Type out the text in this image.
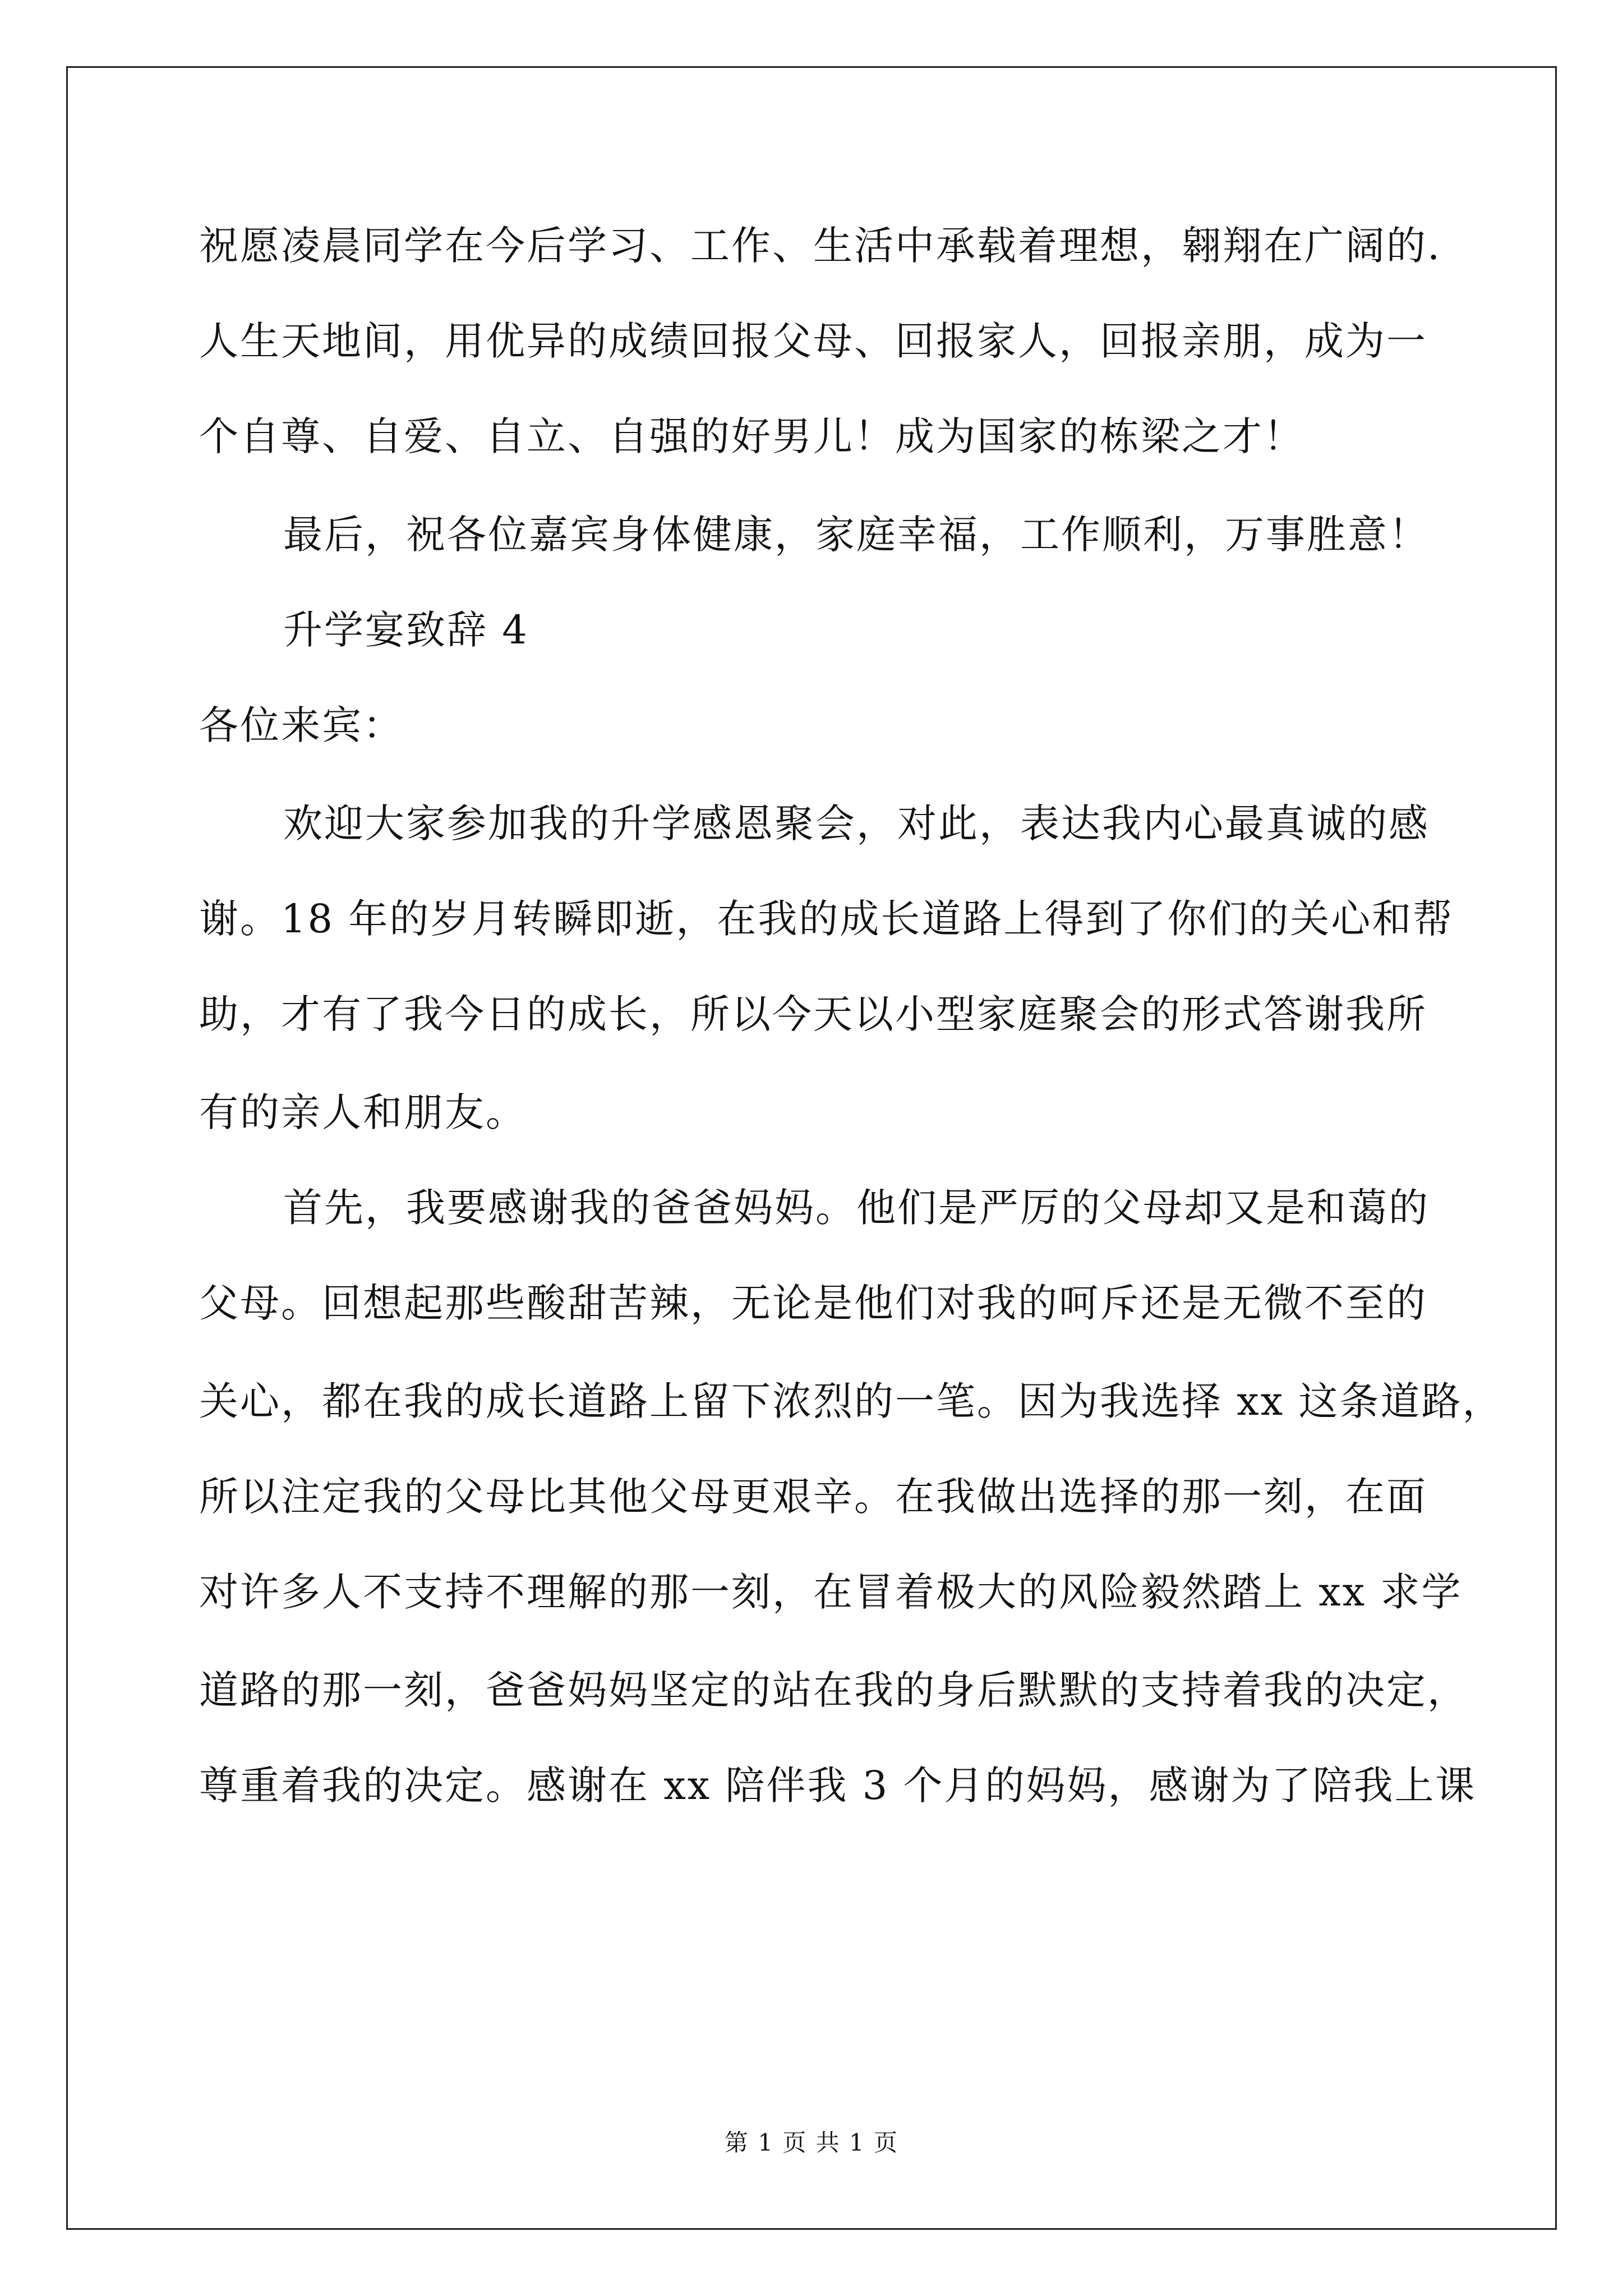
祝愿凌晨同学在今后学习、工作、生活中承载着理想，翱翔在广阔的.
人生天地间，用优异的成绩回报父母、回报家人，回报亲朋，成为一
个自尊、自爱、自立、自强的好男儿！成为国家的栋梁之才！
最后，祝各位嘉宾身体健康，家庭幸福，工作顺利，万事胜意！
升学宴致辞 4
各位来宾：
欢迎大家参加我的升学感恩聚会，对此，表达我内心最真诚的感
谢。18 年的岁月转瞬即逝，在我的成长道路上得到了你们的关心和帮
助，才有了我今日的成长，所以今天以小型家庭聚会的形式答谢我所
有的亲人和朋友。
首先，我要感谢我的爸爸妈妈。他们是严厉的父母却又是和蔼的
父母。回想起那些酸甜苦辣，无论是他们对我的呵斥还是无微不至的
关心，都在我的成长道路上留下浓烈的一笔。因为我选择 xx 这条道路，
所以注定我的父母比其他父母更艰辛。在我做出选择的那一刻，在面
对许多人不支持不理解的那一刻，在冒着极大的风险毅然踏上 xx 求学
道路的那一刻，爸爸妈妈坚定的站在我的身后默默的支持着我的决定，
尊重着我的决定。感谢在 xx 陪伴我 3 个月的妈妈，感谢为了陪我上课
第 1 页 共 1 页
